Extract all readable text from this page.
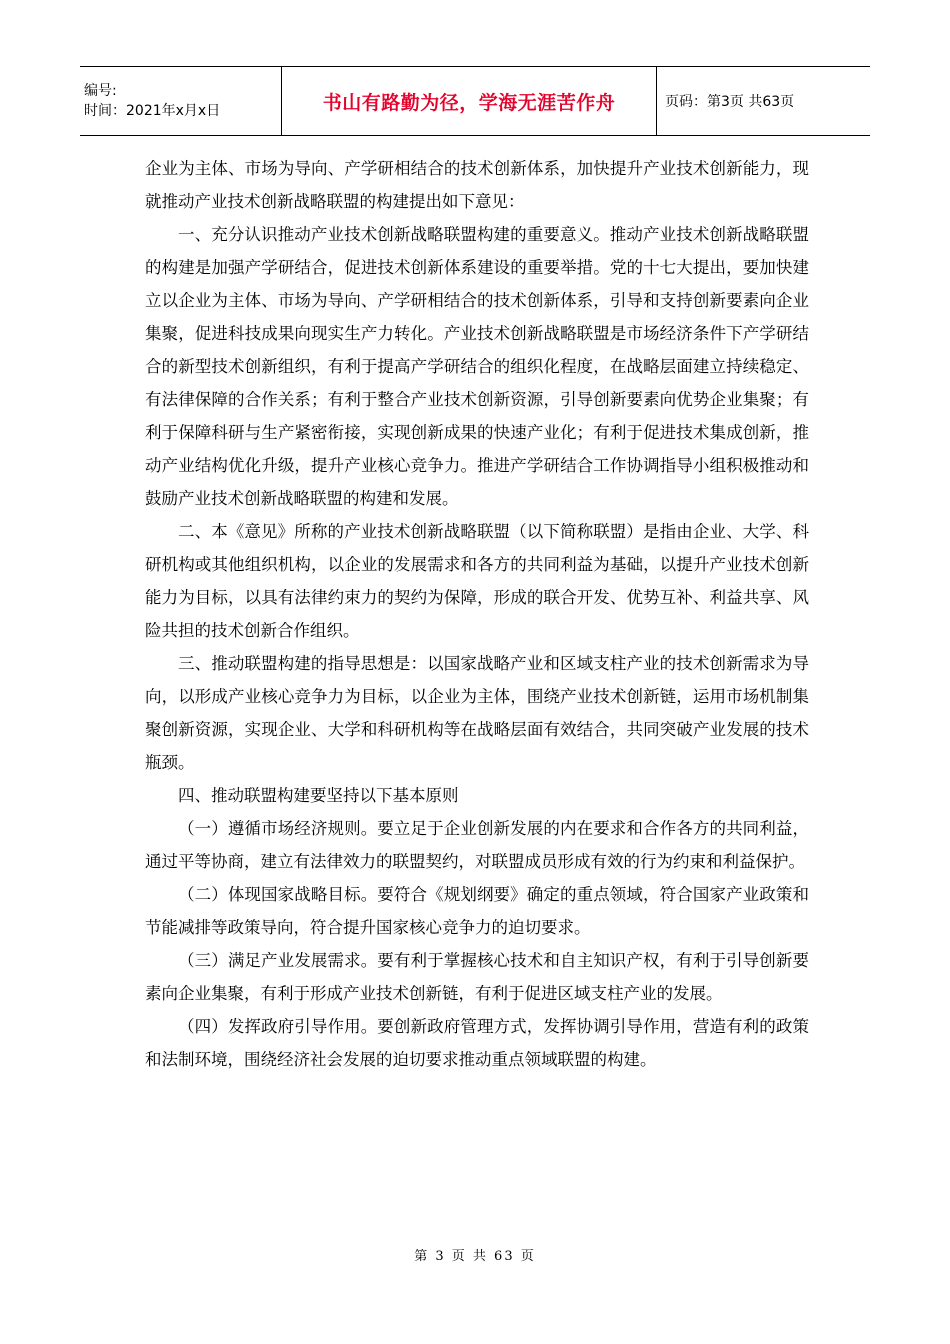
编号:
时间：2021年x月x日	书山有路勤为径，学海无涯苦作舟	页码：第3页 共63页

企业为主体、市场为导向、产学研相结合的技术创新体系，加快提升产业技术创新能力，现就推动产业技术创新战略联盟的构建提出如下意见：

一、充分认识推动产业技术创新战略联盟构建的重要意义。推动产业技术创新战略联盟的构建是加强产学研结合，促进技术创新体系建设的重要举措。党的十七大提出，要加快建立以企业为主体、市场为导向、产学研相结合的技术创新体系，引导和支持创新要素向企业集聚，促进科技成果向现实生产力转化。产业技术创新战略联盟是市场经济条件下产学研结合的新型技术创新组织，有利于提高产学研结合的组织化程度，在战略层面建立持续稳定、有法律保障的合作关系；有利于整合产业技术创新资源，引导创新要素向优势企业集聚；有利于保障科研与生产紧密衔接，实现创新成果的快速产业化；有利于促进技术集成创新，推动产业结构优化升级，提升产业核心竞争力。推进产学研结合工作协调指导小组积极推动和鼓励产业技术创新战略联盟的构建和发展。

二、本《意见》所称的产业技术创新战略联盟（以下简称联盟）是指由企业、大学、科研机构或其他组织机构，以企业的发展需求和各方的共同利益为基础，以提升产业技术创新能力为目标，以具有法律约束力的契约为保障，形成的联合开发、优势互补、利益共享、风险共担的技术创新合作组织。

三、推动联盟构建的指导思想是：以国家战略产业和区域支柱产业的技术创新需求为导向，以形成产业核心竞争力为目标，以企业为主体，围绕产业技术创新链，运用市场机制集聚创新资源，实现企业、大学和科研机构等在战略层面有效结合，共同突破产业发展的技术瓶颈。

四、推动联盟构建要坚持以下基本原则

（一）遵循市场经济规则。要立足于企业创新发展的内在要求和合作各方的共同利益，通过平等协商，建立有法律效力的联盟契约，对联盟成员形成有效的行为约束和利益保护。

（二）体现国家战略目标。要符合《规划纲要》确定的重点领域，符合国家产业政策和节能减排等政策导向，符合提升国家核心竞争力的迫切要求。

（三）满足产业发展需求。要有利于掌握核心技术和自主知识产权，有利于引导创新要素向企业集聚，有利于形成产业技术创新链，有利于促进区域支柱产业的发展。

（四）发挥政府引导作用。要创新政府管理方式，发挥协调引导作用，营造有利的政策和法制环境，围绕经济社会发展的迫切要求推动重点领域联盟的构建。

第 3 页 共 63 页
